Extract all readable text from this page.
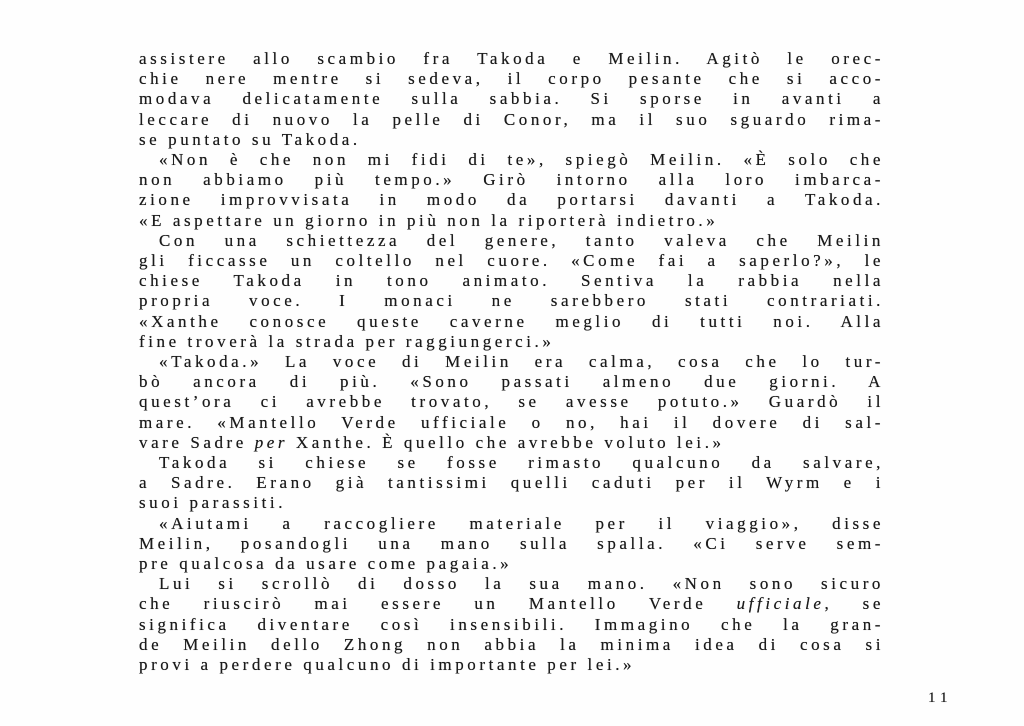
assistere allo scambio fra Takoda e Meilin. Agitò le orec-
chie nere mentre si sedeva, il corpo pesante che si acco-
modava delicatamente sulla sabbia. Si sporse in avanti a
leccare di nuovo la pelle di Conor, ma il suo sguardo rima-
se puntato su Takoda.
«Non è che non mi fidi di te», spiegò Meilin. «È solo che
non abbiamo più tempo.» Girò intorno alla loro imbarca-
zione improvvisata in modo da portarsi davanti a Takoda.
«E aspettare un giorno in più non la riporterà indietro.»
Con una schiettezza del genere, tanto valeva che Meilin
gli ficcasse un coltello nel cuore. «Come fai a saperlo?», le
chiese Takoda in tono animato. Sentiva la rabbia nella
propria voce. I monaci ne sarebbero stati contrariati.
«Xanthe conosce queste caverne meglio di tutti noi. Alla
fine troverà la strada per raggiungerci.»
«Takoda.» La voce di Meilin era calma, cosa che lo tur-
bò ancora di più. «Sono passati almeno due giorni. A
quest’ora ci avrebbe trovato, se avesse potuto.» Guardò il
mare. «Mantello Verde ufficiale o no, hai il dovere di sal-
vare Sadre per Xanthe. È quello che avrebbe voluto lei.»
Takoda si chiese se fosse rimasto qualcuno da salvare,
a Sadre. Erano già tantissimi quelli caduti per il Wyrm e i
suoi parassiti.
«Aiutami a raccogliere materiale per il viaggio», disse
Meilin, posandogli una mano sulla spalla. «Ci serve sem-
pre qualcosa da usare come pagaia.»
Lui si scrollò di dosso la sua mano. «Non sono sicuro
che riuscirò mai essere un Mantello Verde ufficiale, se
significa diventare così insensibili. Immagino che la gran-
de Meilin dello Zhong non abbia la minima idea di cosa si
provi a perdere qualcuno di importante per lei.»
11
